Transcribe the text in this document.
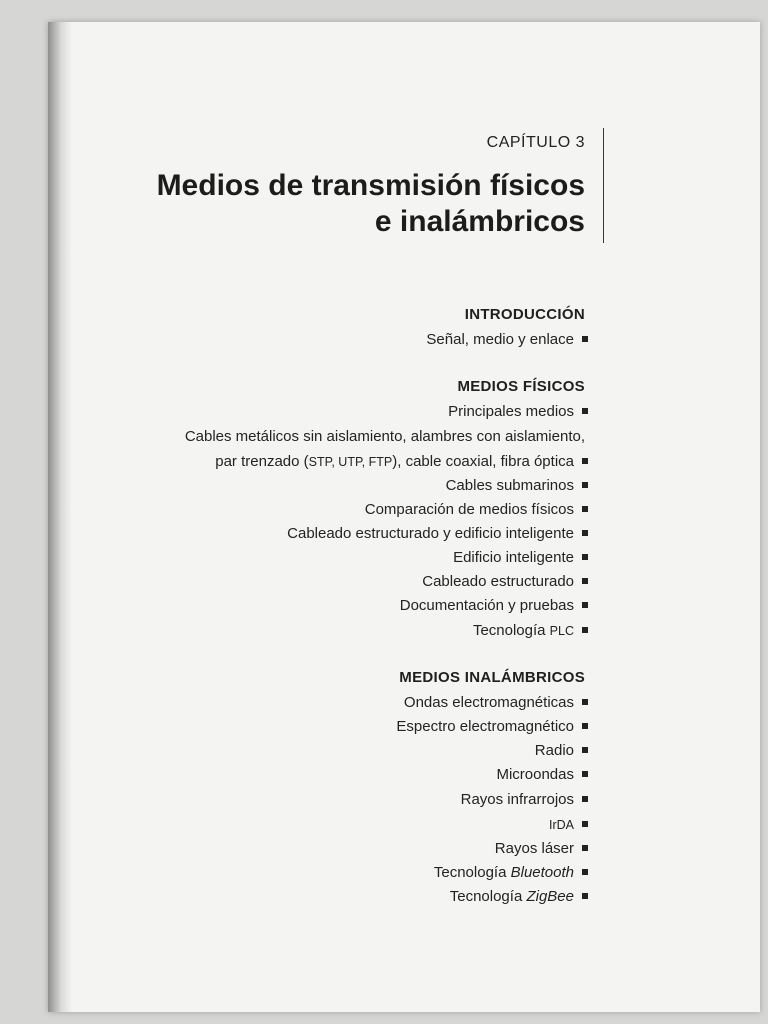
CAPÍTULO 3
Medios de transmisión físicos
e inalámbricos
INTRODUCCIÓN
Señal, medio y enlace
MEDIOS FÍSICOS
Principales medios
Cables metálicos sin aislamiento, alambres con aislamiento,
par trenzado (STP, UTP, FTP), cable coaxial, fibra óptica
Cables submarinos
Comparación de medios físicos
Cableado estructurado y edificio inteligente
Edificio inteligente
Cableado estructurado
Documentación y pruebas
Tecnología PLC
MEDIOS INALÁMBRICOS
Ondas electromagnéticas
Espectro electromagnético
Radio
Microondas
Rayos infrarrojos
IrDA
Rayos láser
Tecnología Bluetooth
Tecnología ZigBee
